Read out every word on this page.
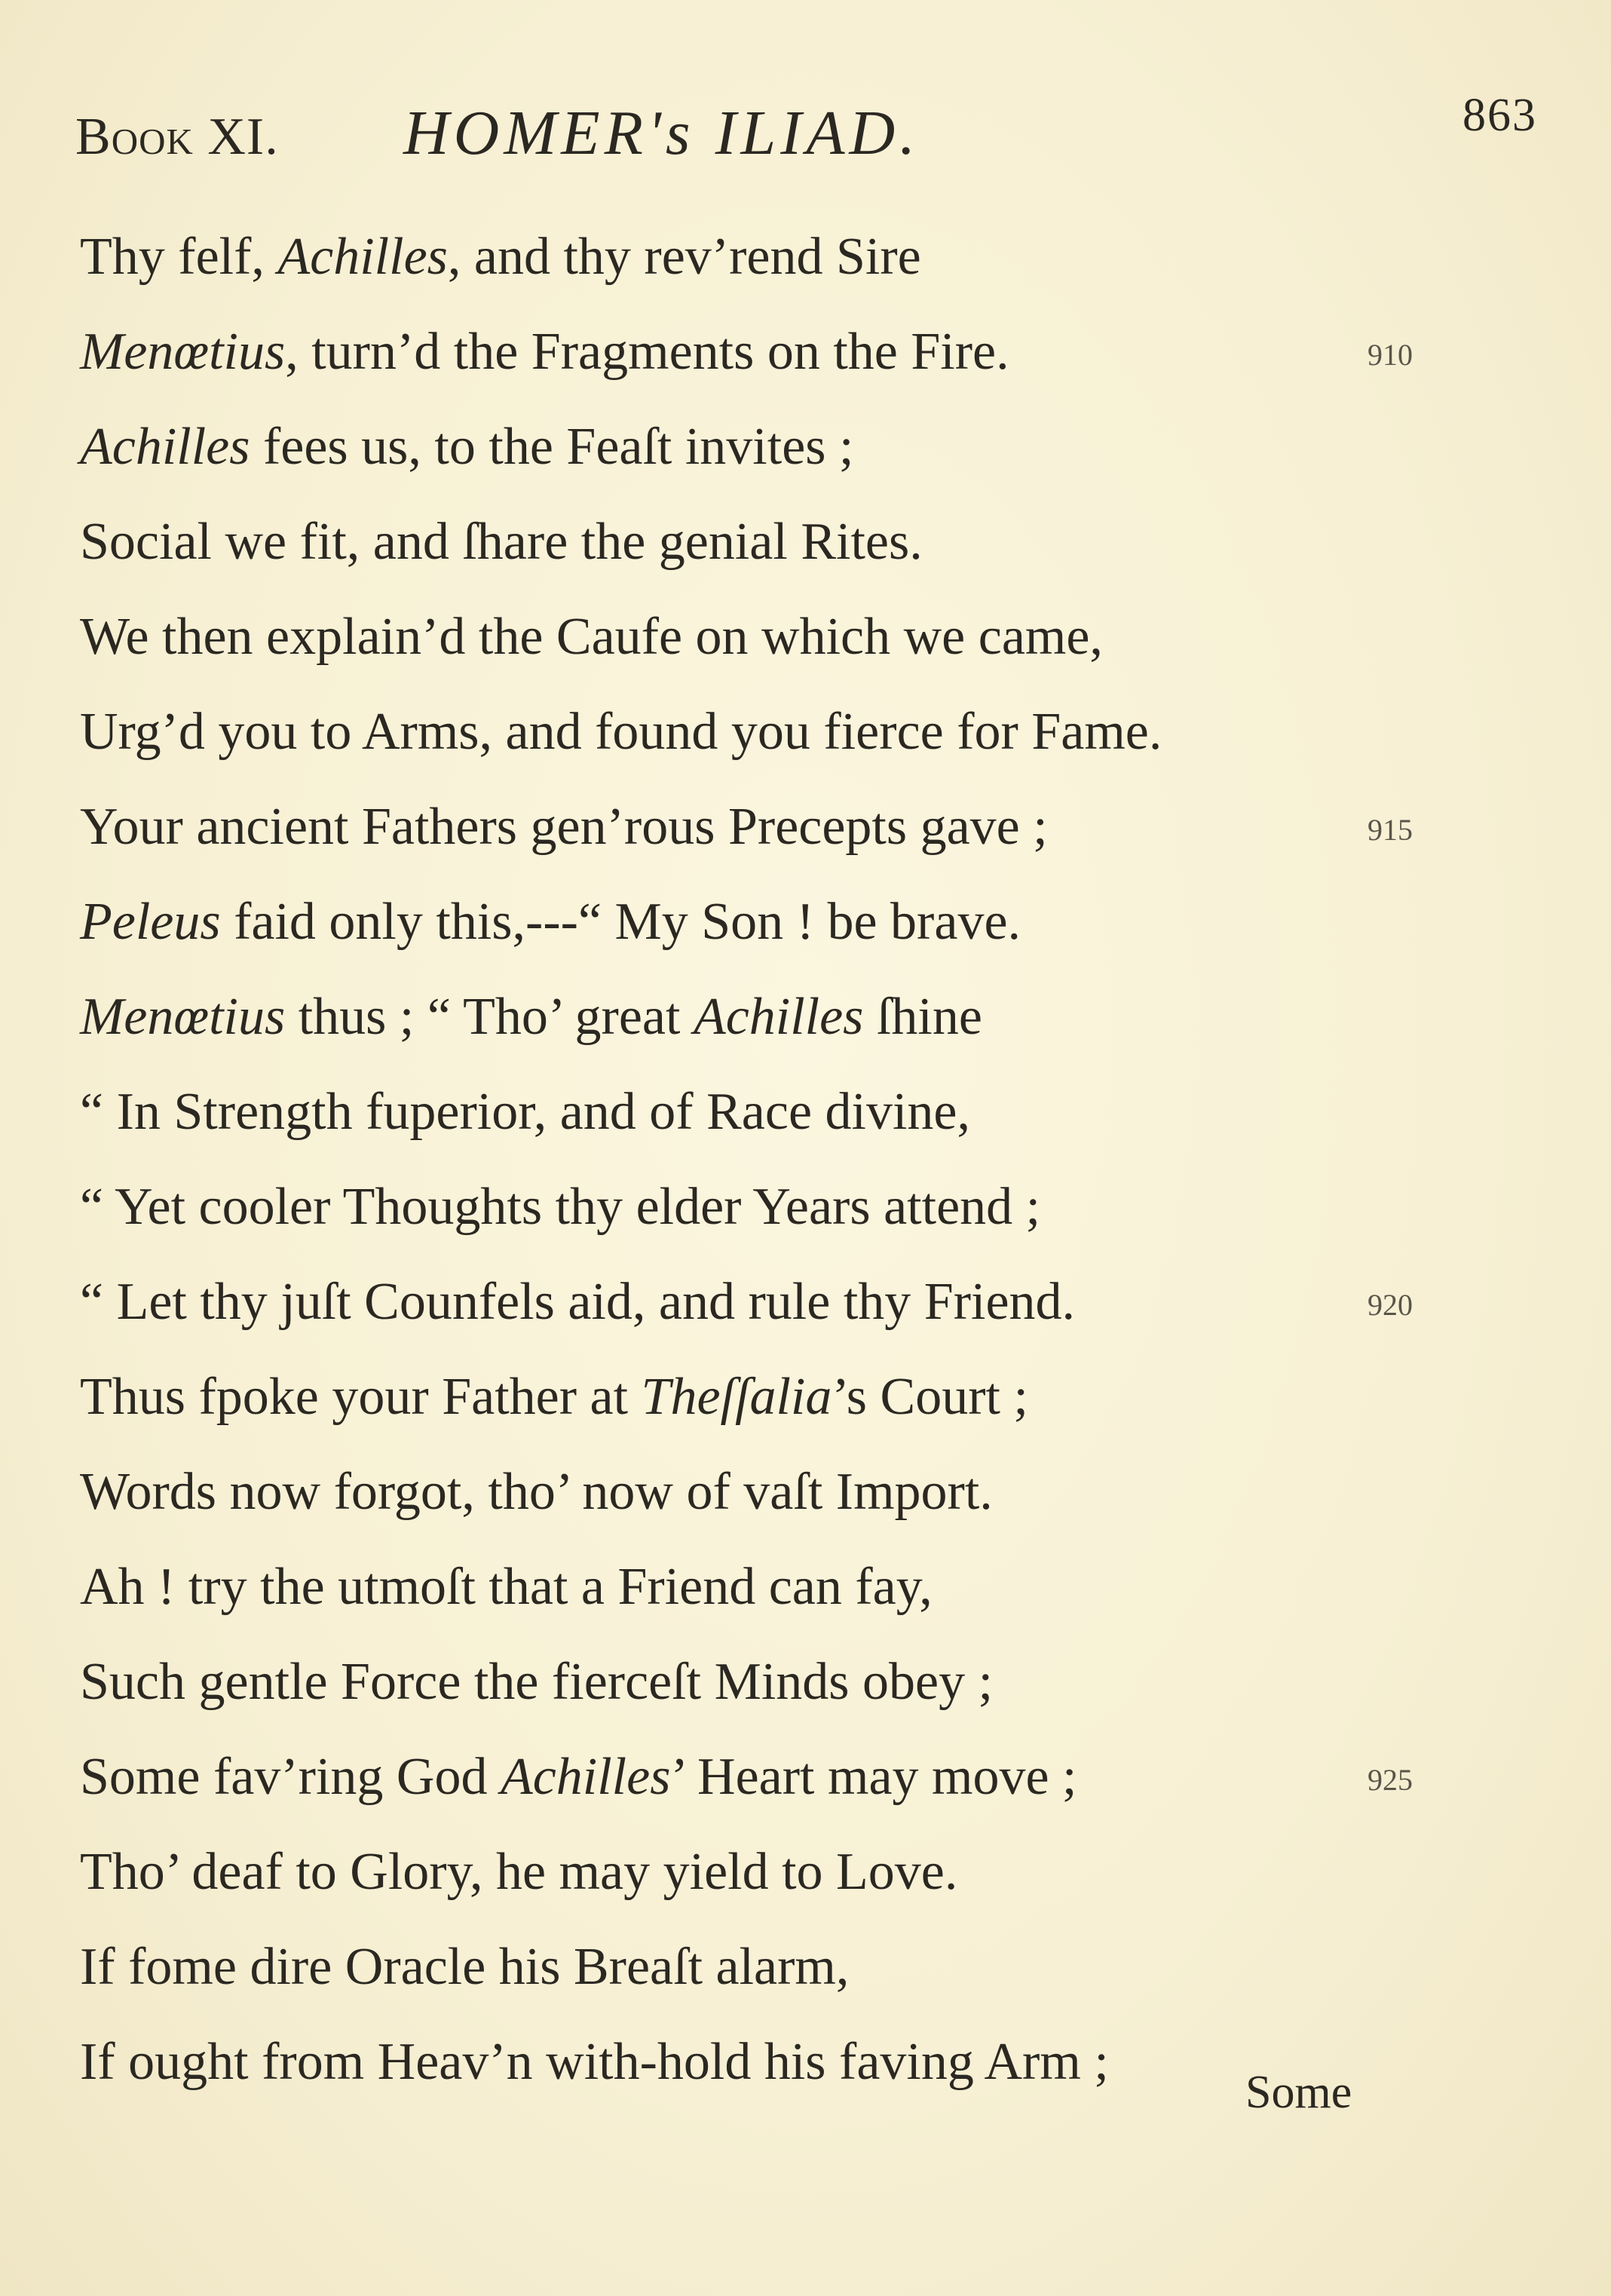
Book XI. HOMER's ILIAD.	863
Thy felf, Achilles, and thy rev’rend Sire
Menœtius, turn’d the Fragments on the Fire.	910
Achilles fees us, to the Feaſt invites ;
Social we fit, and ſhare the genial Rites.
We then explain’d the Caufe on which we came,
Urg’d you to Arms, and found you fierce for Fame.
Your ancient Fathers gen’rous Precepts gave ;	915
Peleus faid only this,---“ My Son ! be brave.
Menœtius thus ; “ Tho’ great Achilles ſhine
“ In Strength fuperior, and of Race divine,
“ Yet cooler Thoughts thy elder Years attend ;
“ Let thy juſt Counfels aid, and rule thy Friend.	920
Thus fpoke your Father at Theſſalia’s Court ;
Words now forgot, tho’ now of vaſt Import.
Ah ! try the utmoſt that a Friend can fay,
Such gentle Force the fierceſt Minds obey ;
Some fav’ring God Achilles’ Heart may move ;	925
Tho’ deaf to Glory, he may yield to Love.
If fome dire Oracle his Breaſt alarm,
If ought from Heav’n with-hold his faving Arm ;
Some
